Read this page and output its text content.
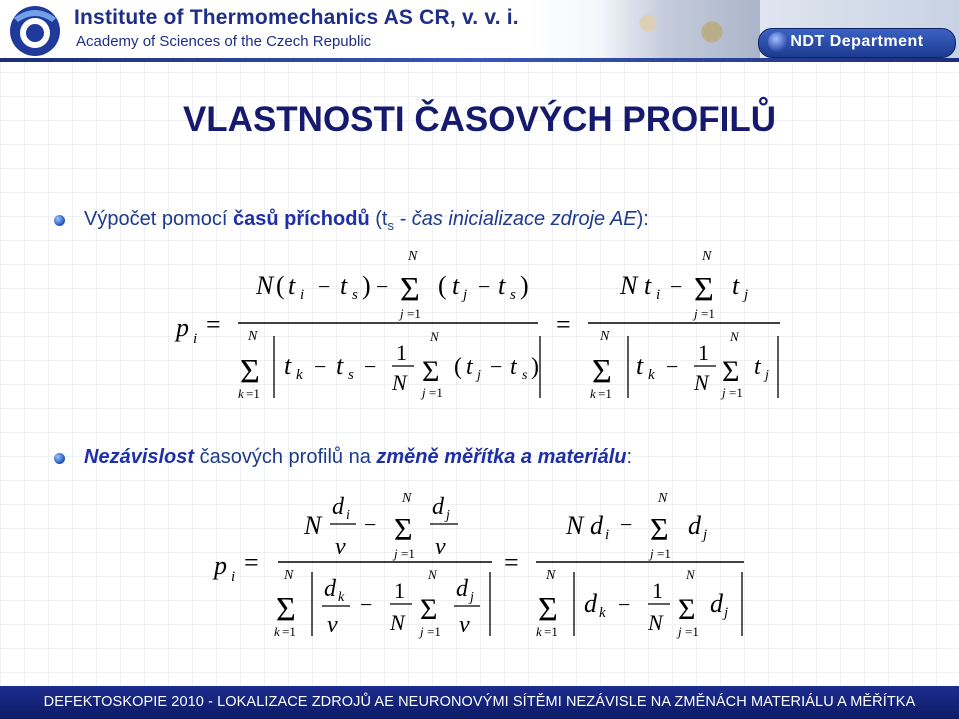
Institute of Thermomechanics AS CR, v. v. i.
Academy of Sciences of the Czech Republic	NDT Department
VLASTNOSTI ČASOVÝCH PROFILŮ
Výpočet pomocí časů příchodů ($t_s$ - čas inicializace zdroje AE):
p i =
N ( t i − t s ) −
N
Σ
j =1
( t j − t s )
N
Σ
k =1
t k − t s −
1
N
N
Σ
j =1
( t j − t s )
=
N t i −
N
Σ
j =1
t j
N
Σ
k =1
t k −
1
N
N
Σ
j =1
t j
Nezávislost časových profilů na změně měřítka a materiálu:
p i =
N
d i
v
−
N
Σ
j =1
d j
v
N
Σ
k =1
d k
v
−
1
N
N
Σ
j =1
d j
v
=
N d i −
N
Σ
j =1
d j
N
Σ
k =1
d k −
1
N
N
Σ
j =1
d j
DEFEKTOSKOPIE 2010 - LOKALIZACE ZDROJŮ AE NEURONOVÝMI SÍTĚMI NEZÁVISLE NA ZMĚNÁCH MATERIÁLU A MĚŘÍTKA
